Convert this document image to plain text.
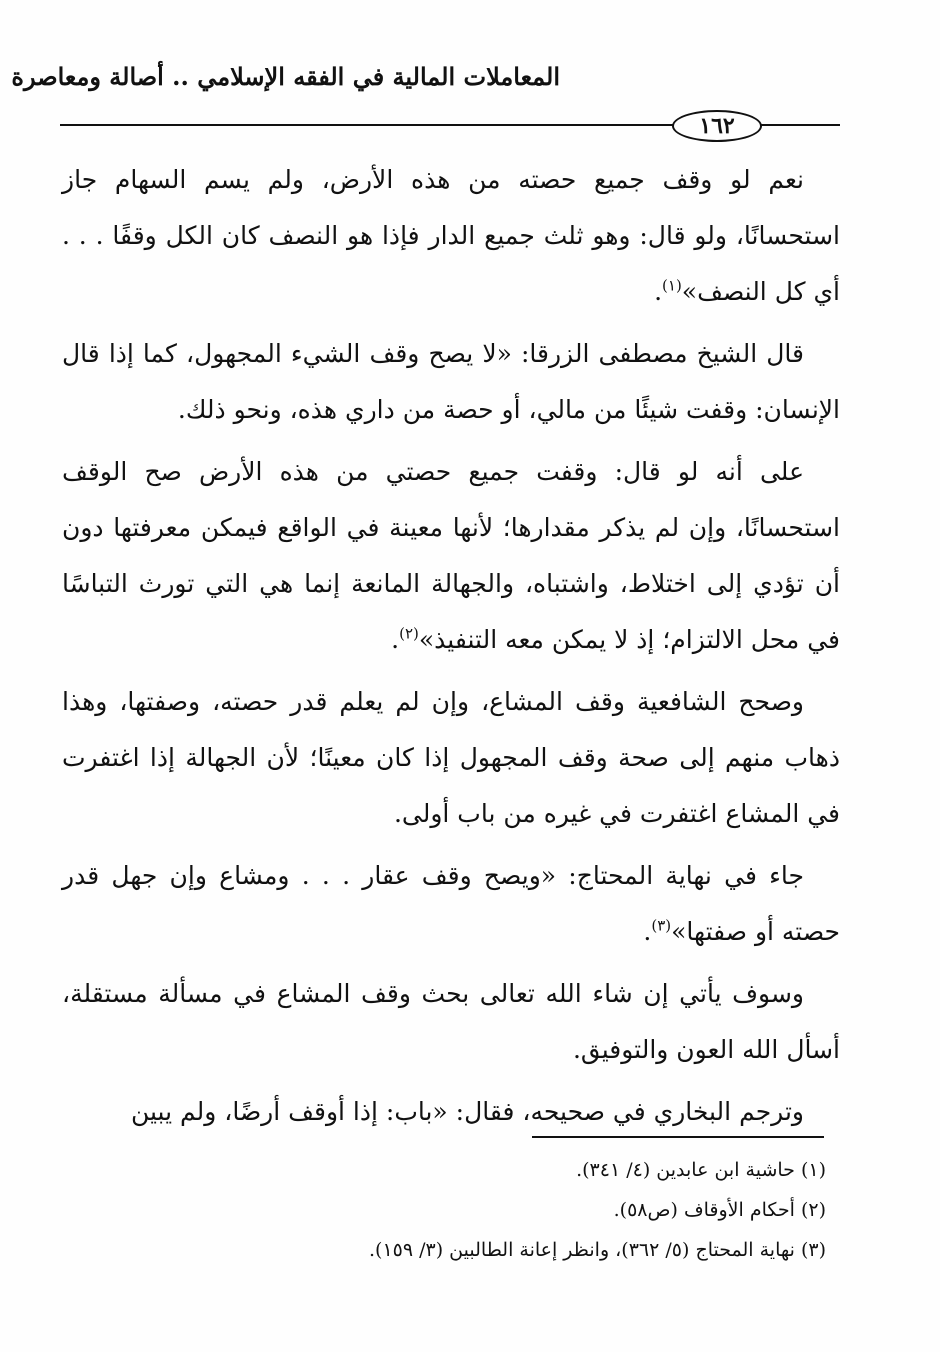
المعاملات المالية في الفقه الإسلامي .. أصالة ومعاصرة
١٦٢

نعم لو وقف جميع حصته من هذه الأرض، ولم يسم السهام جاز استحسانًا، ولو قال: وهو ثلث جميع الدار فإذا هو النصف كان الكل وقفًا . . . أي كل النصف»$^{(١)}$.

قال الشيخ مصطفى الزرقا: «لا يصح وقف الشيء المجهول، كما إذا قال الإنسان: وقفت شيئًا من مالي، أو حصة من داري هذه، ونحو ذلك.

على أنه لو قال: وقفت جميع حصتي من هذه الأرض صح الوقف استحسانًا، وإن لم يذكر مقدارها؛ لأنها معينة في الواقع فيمكن معرفتها دون أن تؤدي إلى اختلاط، واشتباه، والجهالة المانعة إنما هي التي تورث التباسًا في محل الالتزام؛ إذ لا يمكن معه التنفيذ»$^{(٢)}$.

وصحح الشافعية وقف المشاع، وإن لم يعلم قدر حصته، وصفتها، وهذا ذهاب منهم إلى صحة وقف المجهول إذا كان معينًا؛ لأن الجهالة إذا اغتفرت في المشاع اغتفرت في غيره من باب أولى.

جاء في نهاية المحتاج: «ويصح وقف عقار . . . ومشاع وإن جهل قدر حصته أو صفتها»$^{(٣)}$.

وسوف يأتي إن شاء الله تعالى بحث وقف المشاع في مسألة مستقلة، أسأل الله العون والتوفيق.

وترجم البخاري في صحيحه، فقال: «باب: إذا أوقف أرضًا، ولم يبين

(١) حاشية ابن عابدين (٤/ ٣٤١).
(٢) أحكام الأوقاف (ص٥٨).
(٣) نهاية المحتاج (٥/ ٣٦٢)، وانظر إعانة الطالبين (٣/ ١٥٩).
